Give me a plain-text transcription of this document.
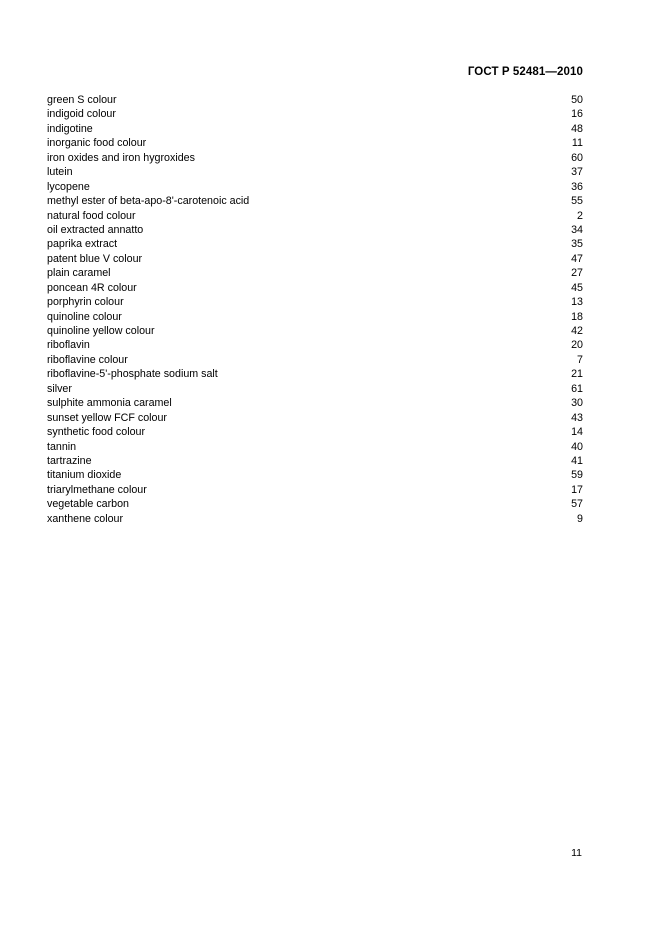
ГОСТ Р 52481—2010
green S colour	50
indigoid colour	16
indigotine	48
inorganic food colour	11
iron oxides and iron hygroxides	60
lutein	37
lycopene	36
methyl ester of beta-apo-8'-carotenoic acid	55
natural food colour	2
oil extracted annatto	34
paprika extract	35
patent blue V colour	47
plain caramel	27
poncean 4R colour	45
porphyrin colour	13
quinoline colour	18
quinoline yellow colour	42
riboflavin	20
riboflavine colour	7
riboflavine-5'-phosphate sodium salt	21
silver	61
sulphite ammonia caramel	30
sunset yellow FCF colour	43
synthetic food colour	14
tannin	40
tartrazine	41
titanium dioxide	59
triarylmethane colour	17
vegetable carbon	57
xanthene colour	9
11
